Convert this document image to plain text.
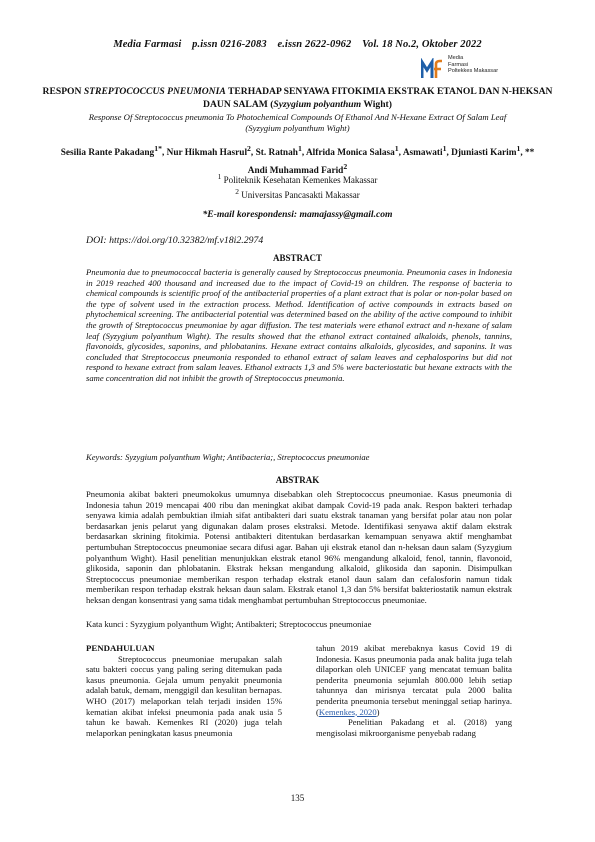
Media Farmasi p.issn 0216-2083 e.issn 2622-0962 Vol. 18 No.2, Oktober 2022
Media
Farmasi
Poltekkes Makassar
RESPON STREPTOCOCCUS PNEUMONIA TERHADAP SENYAWA FITOKIMIA EKSTRAK ETANOL DAN N-HEKSAN DAUN SALAM (Syzygium polyanthum Wight)
Response Of Streptococcus pneumonia To Photochemical Compounds Of Ethanol And N-Hexane Extract Of Salam Leaf (Syzygium polyanthum Wight)
Sesilia Rante Pakadang$^{1*}$, Nur Hikmah Hasrul$^2$, St. Ratnah$^1$, Alfrida Monica Salasa$^1$, Asmawati$^1$, Djuniasti Karim$^1$, ** Andi Muhammad Farid$^2$
$^1$ Politeknik Kesehatan Kemenkes Makassar
$^2$ Universitas Pancasakti Makassar
*E-mail korespondensi: mamajassy@gmail.com
DOI: https://doi.org/10.32382/mf.v18i2.2974
ABSTRACT

Pneumonia due to pneumococcal bacteria is generally caused by Streptococcus pneumonia. Pneumonia cases in Indonesia in 2019 reached 400 thousand and increased due to the impact of Covid-19 on children. The response of bacteria to chemical compounds is scientific proof of the antibacterial properties of a plant extract that is polar or non-polar based on the type of solvent used in the extraction process. Method. Identification of active compounds in extracts based on phytochemical screening. The antibacterial potential was determined based on the ability of the active compound to inhibit the growth of Streptococcus pneumoniae by agar diffusion. The test materials were ethanol extract and n-hexane of salam leaf (Syzygium polyanthum Wight). The results showed that the ethanol extract contained alkaloids, phenols, tannins, flavonoids, glycosides, saponins, and phlobatanins. Hexane extract contains alkaloids, glycosides, and saponins. It was concluded that Streptococcus pneumonia responded to ethanol extract of salam leaves and cephalosporins but did not respond to hexane extract from salam leaves. Ethanol extracts 1,3 and 5% were bacteriostatic but hexane extracts with the same concentration did not inhibit the growth of Streptococcus pneumonia.

Keywords: Syzygium polyanthum Wight; Antibacteria;, Streptococcus pneumoniae
ABSTRAK

Pneumonia akibat bakteri pneumokokus umumnya disebabkan oleh Streptococcus pneumoniae. Kasus pneumonia di Indonesia tahun 2019 mencapai 400 ribu dan meningkat akibat dampak Covid-19 pada anak. Respon bakteri terhadap senyawa kimia adalah pembuktian ilmiah sifat antibakteri dari suatu ekstrak tanaman yang bersifat polar atau non polar berdasarkan jenis pelarut yang digunakan dalam proses ekstraksi. Metode. Identifikasi senyawa aktif dalam ekstrak berdasarkan skrining fitokimia. Potensi antibakteri ditentukan berdasarkan kemampuan senyawa aktif menghambat pertumbuhan Streptococcus pneumoniae secara difusi agar. Bahan uji ekstrak etanol dan n-heksan daun salam (Syzygium polyanthum Wight). Hasil penelitian menunjukkan ekstrak etanol 96% mengandung alkaloid, fenol, tannin, flavonoid, glikosida, saponin dan phlobatanin. Ekstrak heksan mengandung alkaloid, glikosida dan saponin. Disimpulkan Streptococcus pneumoniae memberikan respon terhadap ekstrak etanol daun salam dan cefalosforin namun tidak memberikan respon terhadap ekstrak heksan daun salam. Ekstrak etanol 1,3 dan 5% bersifat bakteriostatik namun ekstrak heksan dengan konsentrasi yang sama tidak menghambat pertumbuhan Streptococcus pneumoniae.

Kata kunci : Syzygium polyanthum Wight; Antibakteri; Streptococcus pneumoniae
PENDAHULUAN

Streptococcus pneumoniae merupakan salah satu bakteri coccus yang paling sering ditemukan pada kasus pneumonia. Gejala umum penyakit pneumonia adalah batuk, demam, menggigil dan kesulitan bernapas. WHO (2017) melaporkan telah terjadi insiden 15% kematian akibat infeksi pneumonia pada anak usia 5 tahun ke bawah. Kemenkes RI (2020) juga telah melaporkan peningkatan kasus pneumonia

tahun 2019 akibat merebaknya kasus Covid 19 di Indonesia. Kasus pneumonia pada anak balita juga telah dilaporkan oleh UNICEF yang mencatat temuan balita penderita pneumonia sejumlah 800.000 lebih setiap tahunnya dan mirisnya tercatat pula 2000 balita penderita pneumonia tersebut meninggal setiap harinya. (Kemenkes, 2020)

Penelitian Pakadang et al. (2018) yang mengisolasi mikroorganisme penyebab radang

135
